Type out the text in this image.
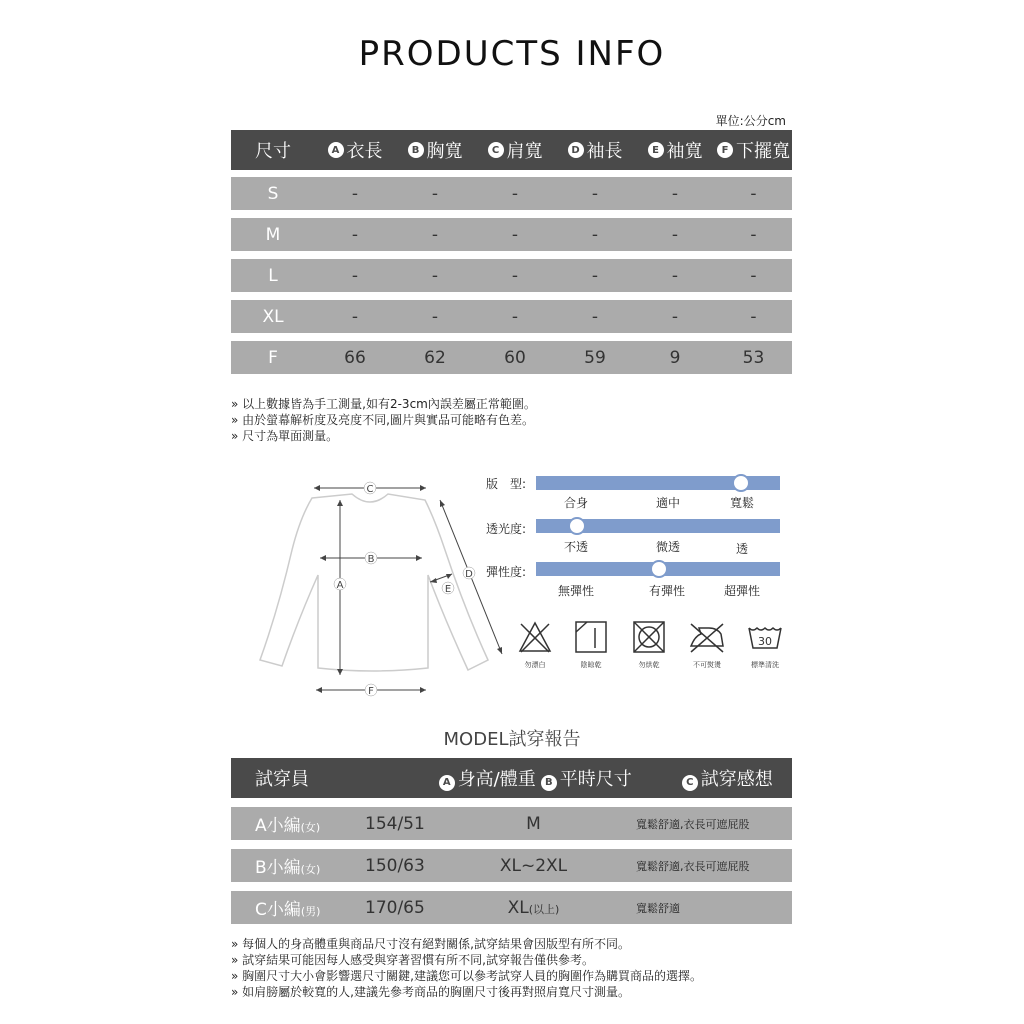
PRODUCTS INFO
單位:公分cm
尺寸	A 衣長	B 胸寬	C 肩寬	D 袖長	E 袖寬	F 下擺寬
S	-	-	-	-	-	-
M	-	-	-	-	-	-
L	-	-	-	-	-	-
XL	-	-	-	-	-	-
F	66	62	60	59	9	53
» 以上數據皆為手工測量,如有2-3cm內誤差屬正常範圍。
» 由於螢幕解析度及亮度不同,圖片與實品可能略有色差。
» 尺寸為單面測量。
C
B
A
D
E
F
版　型:
合身	適中	寬鬆
透光度:
不透	微透	透
彈性度:
無彈性	有彈性	超彈性
勿漂白	陰晾乾	勿烘乾	不可熨燙
30
標準清洗
MODEL試穿報告
試穿員	A 身高/體重 B 平時尺寸	C 試穿感想
A小編(女)	154/51	M	寬鬆舒適,衣長可遮屁股
B小編(女)	150/63	XL~2XL	寬鬆舒適,衣長可遮屁股
C小編(男)	170/65	XL(以上)	寬鬆舒適
» 每個人的身高體重與商品尺寸沒有絕對關係,試穿結果會因版型有所不同。
» 試穿結果可能因每人感受與穿著習慣有所不同,試穿報告僅供參考。
» 胸圍尺寸大小會影響選尺寸關鍵,建議您可以參考試穿人員的胸圍作為購買商品的選擇。
» 如肩膀屬於較寬的人,建議先參考商品的胸圍尺寸後再對照肩寬尺寸測量。
